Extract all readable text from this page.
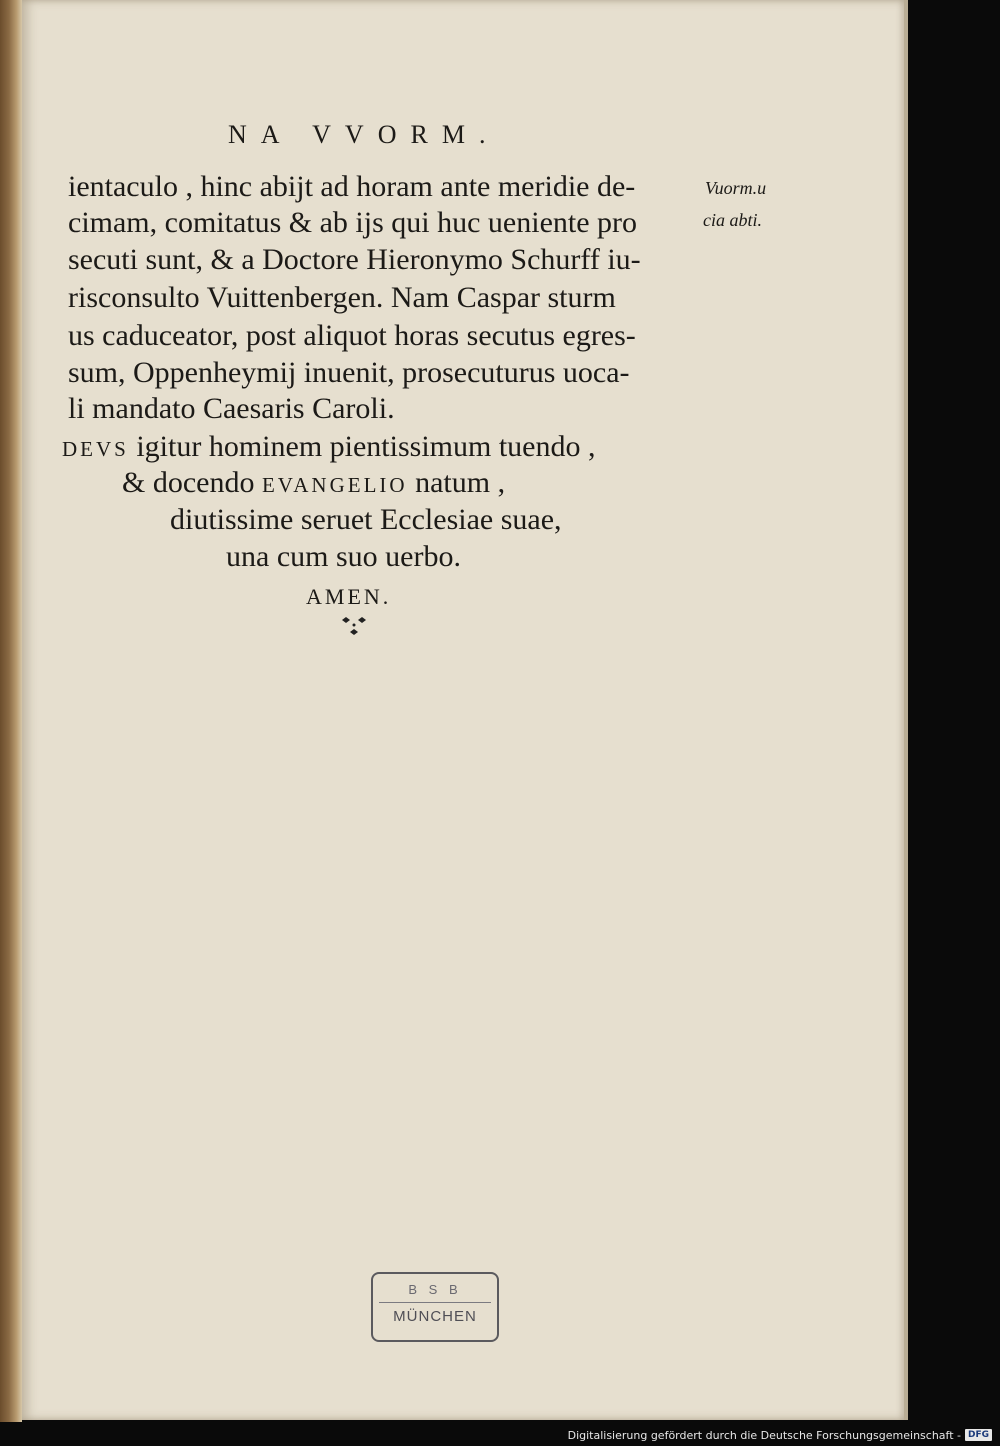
NA VVORM.
ientaculo , hinc abijt ad horam ante meridie de-
cimam, comitatus & ab ijs qui huc ueniente pro
secuti sunt, & a Doctore Hieronymo Schurff iu-
risconsulto Vuittenbergen. Nam Caspar sturm
us caduceator, post aliquot horas secutus egres-
sum, Oppenheymij inuenit, prosecuturus uoca-
li mandato Caesaris Caroli.
Vuorm.u
cia abti.
DEVS igitur hominem pientissimum tuendo ,
& docendo EVANGELIO natum ,
diutissime seruet Ecclesiae suae,
una cum suo uerbo.
AMEN.
B S B
MÜNCHEN
Digitalisierung gefördert durch die Deutsche Forschungsgemeinschaft - DFG
